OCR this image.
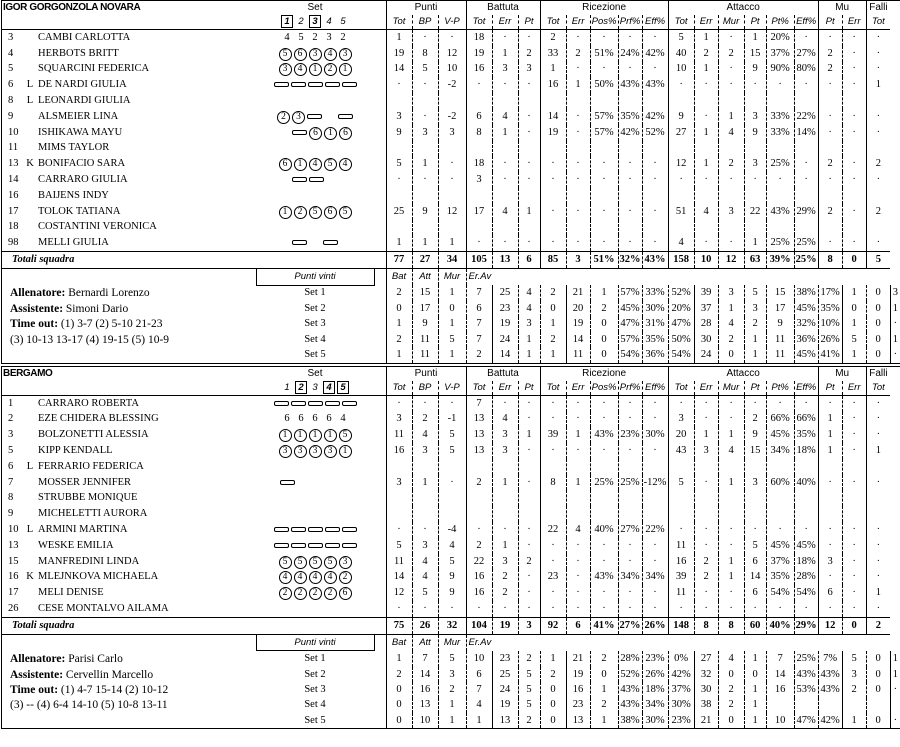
IGOR GORGONZOLA NOVARA			Set		Punti			Battuta			Ricezione					Attacco						Mu		Falli	
			1 2 3 4 5		Tot	BP	V-P	Tot	Err	Pt	Tot	Err	Pos%	Prf%	Eff%	Tot	Err	Mur	Pt	Pt%	Eff%	Pt	Err	Tot	
3		CAMBI CARLOTTA	4 5 2 3 2		1	·	·	18	·	·	2	·	·	·	·	5	1	·	1	20%	·	·	·	·	
4		HERBOTS BRITT	5 6 3 4 3		19	8	12	19	1	2	33	2	51%	24%	42%	40	2	2	15	37%	27%	2	·	·	
5		SQUARCINI FEDERICA	3 4 1 2 1		14	5	10	16	3	3	1	·	·	·	·	10	1	·	9	90%	80%	2	·	·	
6	L	DE NARDI GIULIA			·	·	-2	·	·	·	16	1	50%	43%	43%	·	·	·	·	·	·	·	·	1	
8	L	LEONARDI GIULIA																							
9		ALSMEIER LINA	2 3		3	·	-2	6	4	·	14	·	57%	35%	42%	9	·	1	3	33%	22%	·	·	·	
10		ISHIKAWA MAYU	6 1 6		9	3	3	8	1	·	19	·	57%	42%	52%	27	1	4	9	33%	14%	·	·	·	
11		MIMS TAYLOR																							
13	K	BONIFACIO SARA	6 1 4 5 4		5	1	·	18	·	·	·	·	·	·	·	12	1	2	3	25%	·	2	·	2	
14		CARRARO GIULIA			·	·	·	3	·	·	·	·	·	·	·	·	·	·	·	·	·	·	·	·	
16		BAIJENS INDY																							
17		TOLOK TATIANA	1 2 5 6 5		25	9	12	17	4	1	·	·	·	·	·	51	4	3	22	43%	29%	2	·	2	
18		COSTANTINI VERONICA																							
98		MELLI GIULIA			1	1	1	·	·	·	·	·	·	·	·	4	·	·	1	25%	25%	·	·	·	
Totali squadra					77	27	34	105	13	6	85	3	51%	32%	43%	158	10	12	63	39%	25%	8	0	5	
			Punti vinti		Bat	Att	Mur	Er.Av																	
Allenatore: Bernardi Lorenzo			Set 1		2	15	1	7	25	4	2	21	1	57%	33%	52%	39	3	5	15	38%	17%	1	0	3
Assistente: Simoni Dario			Set 2		0	17	0	6	23	4	0	20	2	45%	30%	20%	37	1	3	17	45%	35%	0	0	1
Time out: (1) 3-7 (2) 5-10 21-23			Set 3		1	9	1	7	19	3	1	19	0	47%	31%	47%	28	4	2	9	32%	10%	1	0	·
(3) 10-13 13-17 (4) 19-15 (5) 10-9			Set 4		2	11	5	7	24	1	2	14	0	57%	35%	50%	30	2	1	11	36%	26%	5	0	1
			Set 5		1	11	1	2	14	1	1	11	0	54%	36%	54%	24	0	1	11	45%	41%	1	0	·
BERGAMO			Set		Punti			Battuta			Ricezione					Attacco						Mu		Falli	
			1 2 3 4 5		Tot	BP	V-P	Tot	Err	Pt	Tot	Err	Pos%	Prf%	Eff%	Tot	Err	Mur	Pt	Pt%	Eff%	Pt	Err	Tot	
1		CARRARO ROBERTA			·	·	·	7	·	·	·	·	·	·	·	·	·	·	·	·	·	·	·	·	
2		EZE CHIDERA BLESSING	6 6 6 6 4		3	2	-1	13	4	·	·	·	·	·	·	3	·	·	2	66%	66%	1	·	·	
3		BOLZONETTI ALESSIA	1 1 1 1 5		11	4	5	13	3	1	39	1	43%	23%	30%	20	1	1	9	45%	35%	1	·	·	
5		KIPP KENDALL	3 3 3 3 1		16	3	5	13	3	·	·	·	·	·	·	43	3	4	15	34%	18%	1	·	1	
6	L	FERRARIO FEDERICA																							
7		MOSSER JENNIFER			3	1	·	2	1	·	8	1	25%	25%	-12%	5	·	1	3	60%	40%	·	·	·	
8		STRUBBE MONIQUE																							
9		MICHELETTI AURORA																							
10	L	ARMINI MARTINA			·	·	-4	·	·	·	22	4	40%	27%	22%	·	·	·	·	·	·	·	·	·	
13		WESKE EMILIA			5	3	4	2	1	·	·	·	·	·	·	11	·	·	5	45%	45%	·	·	·	
15		MANFREDINI LINDA	5 5 5 5 3		11	4	5	22	3	2	·	·	·	·	·	16	2	1	6	37%	18%	3	·	·	
16	K	MLEJNKOVA MICHAELA	4 4 4 4 2		14	4	9	16	2	·	23	·	43%	34%	34%	39	2	1	14	35%	28%	·	·	·	
17		MELI DENISE	2 2 2 2 6		12	5	9	16	2	·	·	·	·	·	·	11	·	·	6	54%	54%	6	·	1	
26		CESE MONTALVO AILAMA			·	·	·	·	·	·	·	·	·	·	·	·	·	·	·	·	·	·	·	·	
Totali squadra					75	26	32	104	19	3	92	6	41%	27%	26%	148	8	8	60	40%	29%	12	0	2	
			Punti vinti		Bat	Att	Mur	Er.Av																	
Allenatore: Parisi Carlo			Set 1		1	7	5	10	23	2	1	21	2	28%	23%	0%	27	4	1	7	25%	7%	5	0	1
Assistente: Cervellin Marcello			Set 2		2	14	3	6	25	5	2	19	0	52%	26%	42%	32	0	0	14	43%	43%	3	0	1
Time out: (1) 4-7 15-14 (2) 10-12			Set 3		0	16	2	7	24	5	0	16	1	43%	18%	37%	30	2	1	16	53%	43%	2	0	·
(3) -- (4) 6-4 14-10 (5) 10-8 13-11			Set 4		0	13	1	4	19	5	0	23	2	43%	34%	30%	38	2	1						
			Set 5		0	10	1	1	13	2	0	13	1	38%	30%	23%	21	0	1	10	47%	42%	1	0	·
